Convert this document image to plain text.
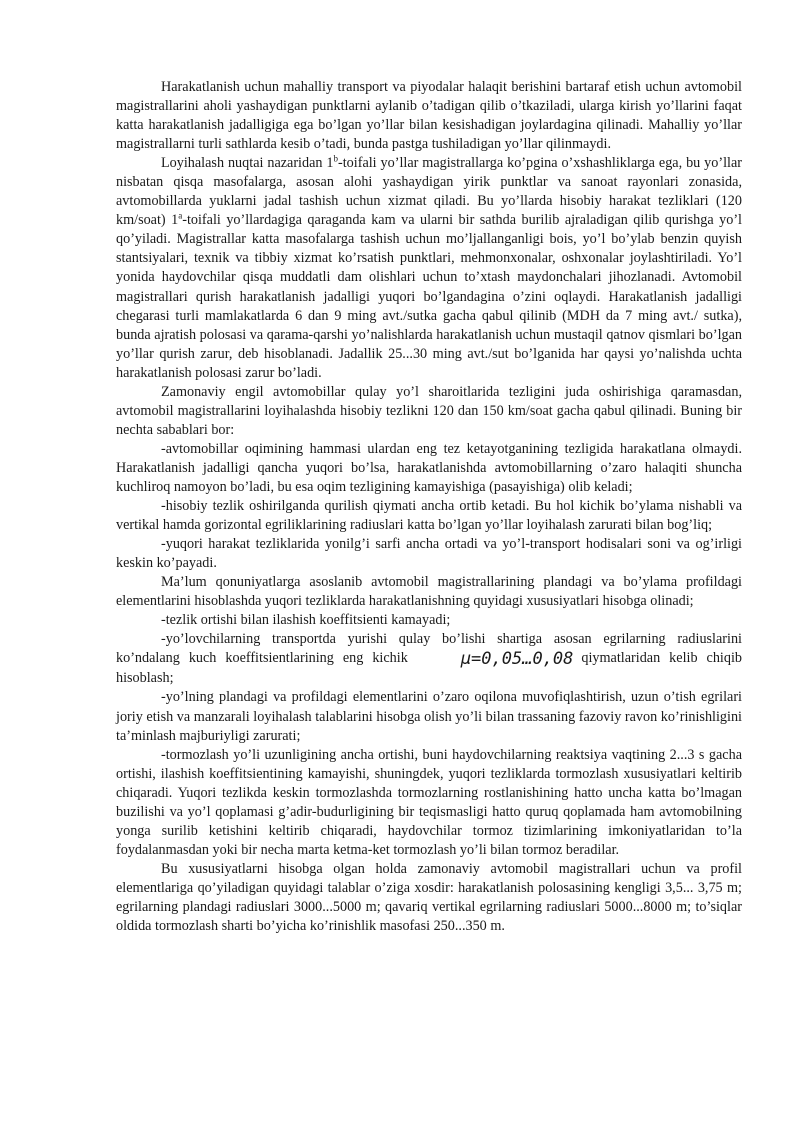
Harakatlanish uchun mahalliy transport va piyodalar halaqit berishini bartaraf etish uchun avtomobil magistrallarini aholi yashaydigan punktlarni aylanib o’tadigan qilib o’tkaziladi, ularga kirish yo’llarini faqat katta harakatlanish jadalligiga ega bo’lgan yo’llar bilan kesishadigan joylardagina qilinadi. Mahalliy yo’llar magistrallarni turli sathlarda kesib o’tadi, bunda pastga tushiladigan yo’llar qilinmaydi.

Loyihalash nuqtai nazaridan 1$^b$-toifali yo’llar magistrallarga ko’pgina o’xshashliklarga ega, bu yo’llar nisbatan qisqa masofalarga, asosan alohi yashaydigan yirik punktlar va sanoat rayonlari zonasida, avtomobillarda yuklarni jadal tashish uchun xizmat qiladi. Bu yo’llarda hisobiy harakat tezliklari (120 km/soat) 1$^a$-toifali yo’llardagiga qaraganda kam va ularni bir sathda burilib ajraladigan qilib qurishga yo’l qo’yiladi. Magistrallar katta masofalarga tashish uchun mo’ljallanganligi bois, yo’l bo’ylab benzin quyish stantsiyalari, texnik va tibbiy xizmat ko’rsatish punktlari, mehmonxonalar, oshxonalar joylashtiriladi. Yo’l yonida haydovchilar qisqa muddatli dam olishlari uchun to’xtash maydonchalari jihozlanadi. Avtomobil magistrallari qurish harakatlanish jadalligi yuqori bo’lgandagina o’zini oqlaydi. Harakatlanish jadalligi chegarasi turli mamlakatlarda 6 dan 9 ming avt./sutka gacha qabul qilinib (MDH da 7 ming avt./ sutka), bunda ajratish polosasi va qarama-qarshi yo’nalishlarda harakatlanish uchun mustaqil qatnov qismlari bo’lgan yo’llar qurish zarur, deb hisoblanadi. Jadallik 25...30 ming avt./sut bo’lganida har qaysi yo’nalishda uchta harakatlanish polosasi zarur bo’ladi.

Zamonaviy engil avtomobillar qulay yo’l sharoitlarida tezligini juda oshirishiga qaramasdan, avtomobil magistrallarini loyihalashda hisobiy tezlikni 120 dan 150 km/soat gacha qabul qilinadi. Buning bir nechta sabablari bor:

-avtomobillar oqimining hammasi ulardan eng tez ketayotganining tezligida harakatlana olmaydi. Harakatlanish jadalligi qancha yuqori bo’lsa, harakatlanishda avtomobillarning o’zaro halaqiti shuncha kuchliroq namoyon bo’ladi, bu esa oqim tezligining kamayishiga (pasayishiga) olib keladi;

-hisobiy tezlik oshirilganda qurilish qiymati ancha ortib ketadi. Bu hol kichik bo’ylama nishabli va vertikal hamda gorizontal egriliklarining radiuslari katta bo’lgan yo’llar loyihalash zarurati bilan bog’liq;

-yuqori harakat tezliklarida yonilg’i sarfi ancha ortadi va yo’l-transport hodisalari soni va og’irligi keskin ko’payadi.

Ma’lum qonuniyatlarga asoslanib avtomobil magistrallarining plandagi va bo’ylama profildagi elementlarini hisoblashda yuqori tezliklarda harakatlanishning quyidagi xususiyatlari hisobga olinadi;

-tezlik ortishi bilan ilashish koeffitsienti kamayadi;

-yo’lovchilarning transportda yurishi qulay bo’lishi shartiga asosan egrilarning radiuslarini ko’ndalang kuch koeffitsientlarining eng kichik	μ=0,05…0,08 qiymatlaridan kelib chiqib hisoblash;

-yo’lning plandagi va profildagi elementlarini o’zaro oqilona muvofiqlashtirish, uzun o’tish egrilari joriy etish va manzarali loyihalash talablarini hisobga olish yo’li bilan trassaning fazoviy ravon ko’rinishligini ta’minlash majburiyligi zarurati;

-tormozlash yo’li uzunligining ancha ortishi, buni haydovchilarning reaktsiya vaqtining 2...3 s gacha ortishi, ilashish koeffitsientining kamayishi, shuningdek, yuqori tezliklarda tormozlash xususiyatlari keltirib chiqaradi. Yuqori tezlikda keskin tormozlashda tormozlarning rostlanishining hatto uncha katta bo’lmagan buzilishi va yo’l qoplamasi g’adir-budurligining bir teqismasligi hatto quruq qoplamada ham avtomobilning yonga surilib ketishini keltirib chiqaradi, haydovchilar tormoz tizimlarining imkoniyatlaridan to’la foydalanmasdan yoki bir necha marta ketma-ket tormozlash yo’li bilan tormoz beradilar.

Bu xususiyatlarni hisobga olgan holda zamonaviy avtomobil magistrallari uchun va profil elementlariga qo’yiladigan quyidagi talablar o’ziga xosdir: harakatlanish polosasining kengligi 3,5... 3,75 m; egrilarning plandagi radiuslari 3000...5000 m; qavariq vertikal egrilarning radiuslari 5000...8000 m; to’siqlar oldida tormozlash sharti bo’yicha ko’rinishlik masofasi 250...350 m.
